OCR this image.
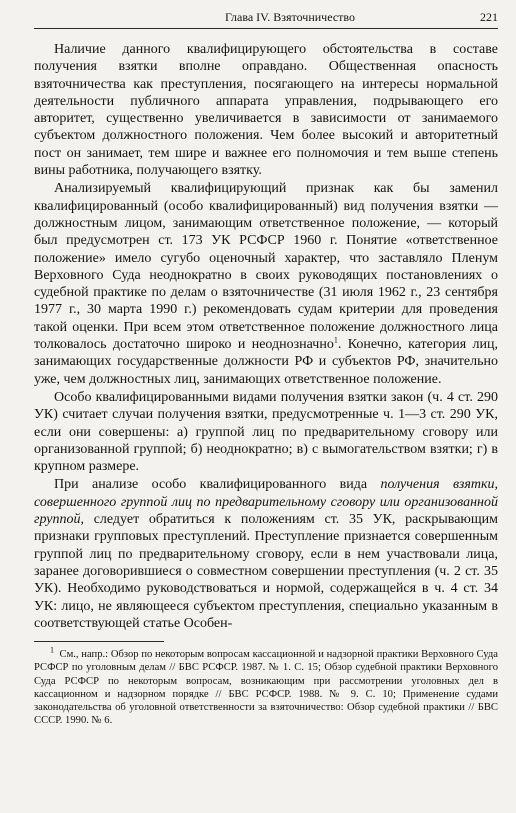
Глава IV. Взяточничество	221

Наличие данного квалифицирующего обстоятельства в составе получения взятки вполне оправдано. Общественная опасность взяточничества как преступления, посягающего на интересы нормальной деятельности публичного аппарата управления, подрывающего его авторитет, существенно увеличивается в зависимости от занимаемого субъектом должностного положения. Чем более высокий и авторитетный пост он занимает, тем шире и важнее его полномочия и тем выше степень вины работника, получающего взятку.

Анализируемый квалифицирующий признак как бы заменил квалифицированный (особо квалифицированный) вид получения взятки — должностным лицом, занимающим ответственное положение, — который был предусмотрен ст. 173 УК РСФСР 1960 г. Понятие «ответственное положение» имело сугубо оценочный характер, что заставляло Пленум Верховного Суда неоднократно в своих руководящих постановлениях о судебной практике по делам о взяточничестве (31 июля 1962 г., 23 сентября 1977 г., 30 марта 1990 г.) рекомендовать судам критерии для проведения такой оценки. При всем этом ответственное положение должностного лица толковалось достаточно широко и неоднозначно$^1$. Конечно, категория лиц, занимающих государственные должности РФ и субъектов РФ, значительно уже, чем должностных лиц, занимающих ответственное положение.

Особо квалифицированными видами получения взятки закон (ч. 4 ст. 290 УК) считает случаи получения взятки, предусмотренные ч. 1—3 ст. 290 УК, если они совершены: а) группой лиц по предварительному сговору или организованной группой; б) неоднократно; в) с вымогательством взятки; г) в крупном размере.

При анализе особо квалифицированного вида получения взятки, совершенного группой лиц по предварительному сговору или организованной группой, следует обратиться к положениям ст. 35 УК, раскрывающим признаки групповых преступлений. Преступление признается совершенным группой лиц по предварительному сговору, если в нем участвовали лица, заранее договорившиеся о совместном совершении преступления (ч. 2 ст. 35 УК). Необходимо руководствоваться и нормой, содержащейся в ч. 4 ст. 34 УК: лицо, не являющееся субъектом преступления, специально указанным в соответствующей статье Особен-

$^1$ См., напр.: Обзор по некоторым вопросам кассационной и надзорной практики Верховного Суда РСФСР по уголовным делам // БВС РСФСР. 1987. № 1. С. 15; Обзор судебной практики Верховного Суда РСФСР по некоторым вопросам, возникающим при рассмотрении уголовных дел в кассационном и надзорном порядке // БВС РСФСР. 1988. № 9. С. 10; Применение судами законодательства об уголовной ответственности за взяточничество: Обзор судебной практики // БВС СССР. 1990. № 6.
